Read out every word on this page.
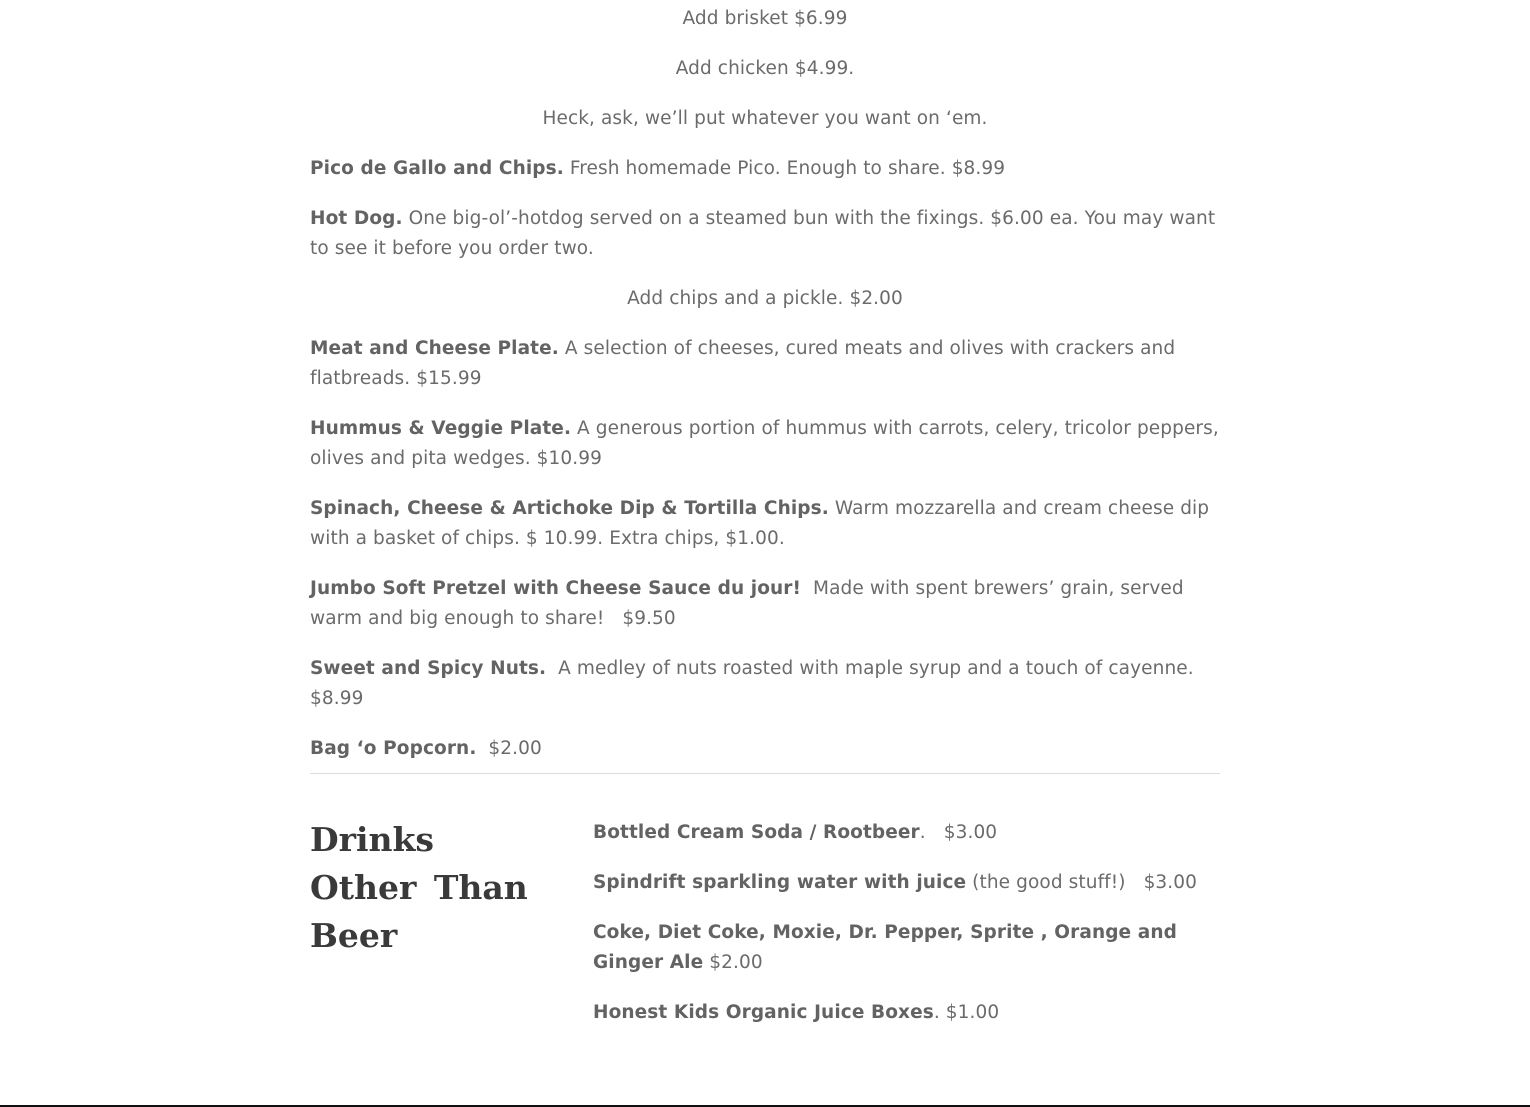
Add brisket $6.99

Add chicken $4.99.

Heck, ask, we’ll put whatever you want on ‘em.

Pico de Gallo and Chips. Fresh homemade Pico. Enough to share. $8.99

Hot Dog. One big-ol’-hotdog served on a steamed bun with the fixings. $6.00 ea. You may want to see it before you order two.

Add chips and a pickle. $2.00

Meat and Cheese Plate. A selection of cheeses, cured meats and olives with crackers and flatbreads. $15.99

Hummus & Veggie Plate. A generous portion of hummus with carrots, celery, tricolor peppers, olives and pita wedges. $10.99

Spinach, Cheese & Artichoke Dip & Tortilla Chips. Warm mozzarella and cream cheese dip with a basket of chips. $ 10.99. Extra chips, $1.00.

Jumbo Soft Pretzel with Cheese Sauce du jour!  Made with spent brewers’ grain, served warm and big enough to share!   $9.50

Sweet and Spicy Nuts.  A medley of nuts roasted with maple syrup and a touch of cayenne.  $8.99

Bag ‘o Popcorn.  $2.00

Drinks Other Than Beer

Bottled Cream Soda / Rootbeer.   $3.00

Spindrift sparkling water with juice (the good stuff!)   $3.00

Coke, Diet Coke, Moxie, Dr. Pepper, Sprite , Orange and Ginger Ale $2.00

Honest Kids Organic Juice Boxes. $1.00
